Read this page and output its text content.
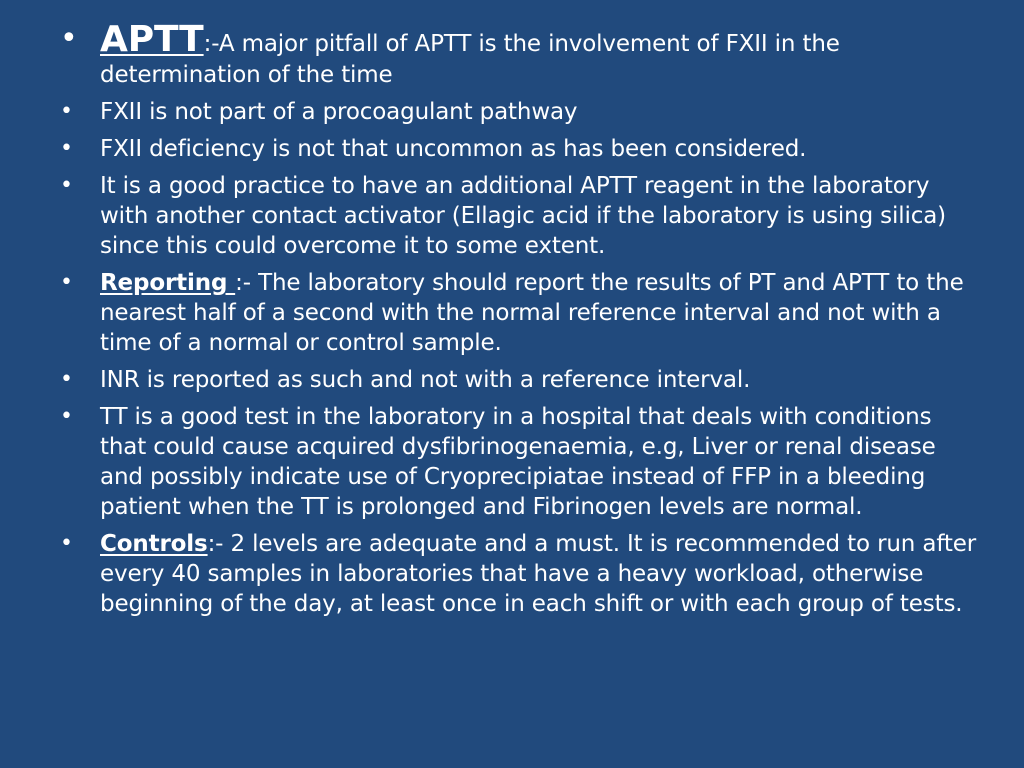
• APTT:-A major pitfall of APTT is the involvement of FXII in the determination of the time
• FXII is not part of a procoagulant pathway
• FXII deficiency is not that uncommon as has been considered.
• It is a good practice to have an additional APTT reagent in the laboratory with another contact activator (Ellagic acid if the laboratory is using silica) since this could overcome it to some extent.
• Reporting :- The laboratory should report the results of PT and APTT to the nearest half of a second with the normal reference interval and not with a time of a normal or control sample.
• INR is reported as such and not with a reference interval.
• TT is a good test in the laboratory in a hospital that deals with conditions that could cause acquired dysfibrinogenaemia, e.g, Liver or renal disease and possibly indicate use of Cryoprecipiatae instead of FFP in a bleeding patient when the TT is prolonged and Fibrinogen levels are normal.
• Controls:- 2 levels are adequate and a must. It is recommended to run after every 40 samples in laboratories that have a heavy workload, otherwise beginning of the day, at least once in each shift or with each group of tests.
